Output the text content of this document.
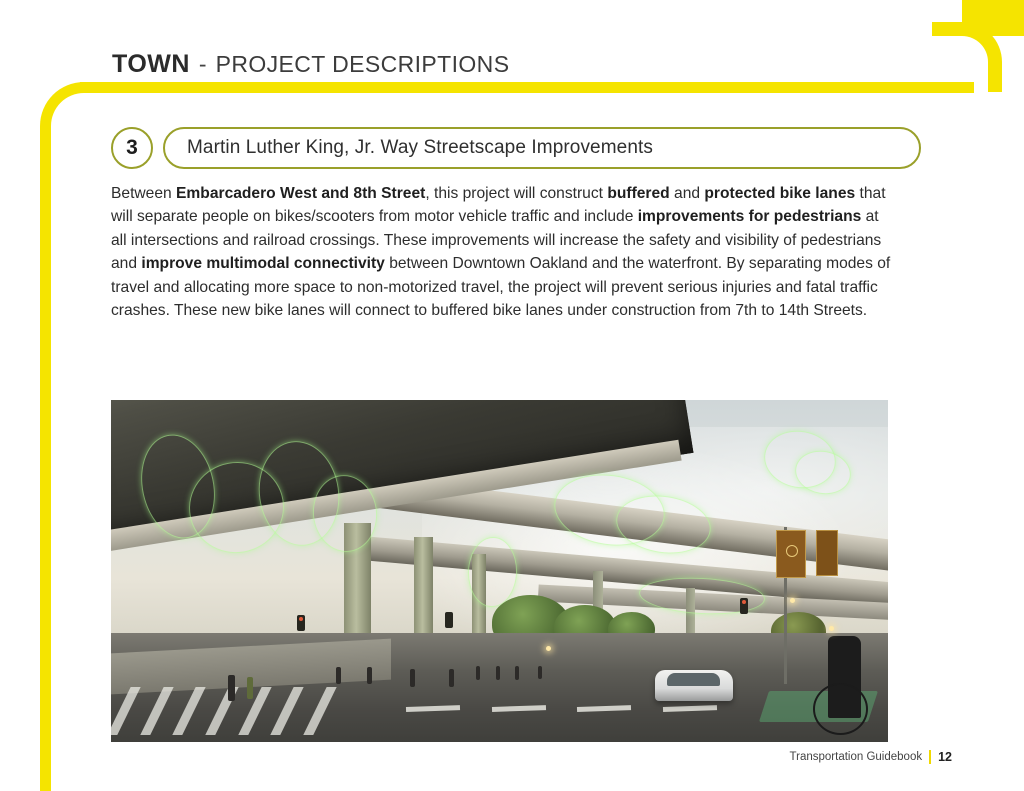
TOWN - PROJECT DESCRIPTIONS
3	Martin Luther King, Jr. Way Streetscape Improvements
Between Embarcadero West and 8th Street, this project will construct buffered and protected bike lanes that will separate people on bikes/scooters from motor vehicle traffic and include improvements for pedestrians at all intersections and railroad crossings. These improvements will increase the safety and visibility of pedestrians and improve multimodal connectivity between Downtown Oakland and the waterfront. By separating modes of travel and allocating more space to non-motorized travel, the project will prevent serious injuries and fatal traffic crashes. These new bike lanes will connect to buffered bike lanes under construction from 7th to 14th Streets.
Transportation Guidebook 12
